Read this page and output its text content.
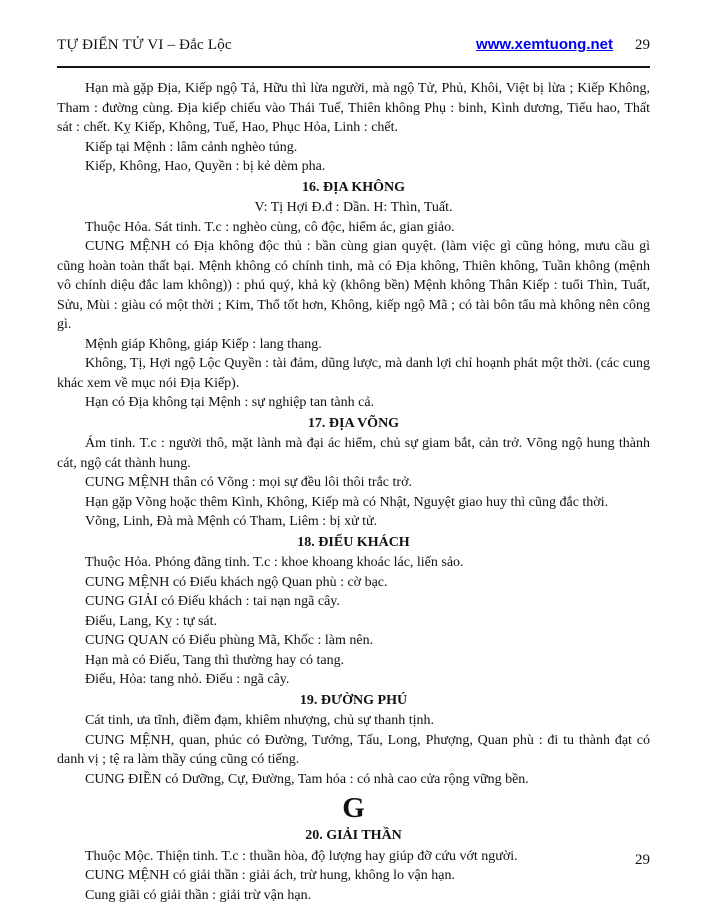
TỰ ĐIỂN TỬ VI – Đắc Lộc	www.xemtuong.net 29
Hạn mà gặp Địa, Kiếp ngộ Tả, Hữu thì lừa người, mà ngộ Tử, Phủ, Khôi, Việt bị lừa ; Kiếp Không, Tham : đường cùng. Địa kiếp chiếu vào Thái Tuế, Thiên không Phụ : binh, Kình dương, Tiểu hao, Thất sát : chết. Kỵ Kiếp, Không, Tuế, Hao, Phục Hỏa, Linh : chết.
Kiếp tại Mệnh : lâm cảnh nghèo túng.
Kiếp, Không, Hao, Quyền : bị kẻ dèm pha.
16. ĐỊA KHÔNG
V: Tị Hợi Đ.đ : Dần. H: Thìn, Tuất.
Thuộc Hỏa. Sát tinh. T.c : nghèo cùng, cô độc, hiểm ác, gian giảo.
CUNG MỆNH có Địa không độc thủ : bần cùng gian quyệt. (làm việc gì cũng hỏng, mưu cầu gì cũng hoàn toàn thất bại. Mệnh không có chính tinh, mà có Địa không, Thiên không, Tuần không (mệnh vô chính diệu đắc lam không)) : phú quý, khả kỳ (không bền) Mệnh không Thân Kiếp : tuổi Thìn, Tuất, Sửu, Mùi : giàu có một thời ; Kim, Thổ tốt hơn, Không, kiếp ngộ Mã ; có tài bôn tẩu mà không nên công gì.
Mệnh giáp Không, giáp Kiếp : lang thang.
Không, Tị, Hợi ngộ Lộc Quyền : tài đảm, dũng lược, mà danh lợi chỉ hoạnh phát một thời. (các cung khác xem về mục nói Địa Kiếp).
Hạn có Địa không tại Mệnh : sự nghiệp tan tành cả.
17. ĐỊA VÕNG
Ám tinh. T.c : người thô, mặt lành mà đại ác hiểm, chủ sự giam bắt, cản trở. Võng ngộ hung thành cát, ngộ cát thành hung.
CUNG MỆNH thân có Võng : mọi sự đều lôi thôi trắc trở.
Hạn gặp Võng hoặc thêm Kình, Không, Kiếp mà có Nhật, Nguyệt giao huy thì cũng đắc thời.
Võng, Linh, Đà mà Mệnh có Tham, Liêm : bị xử tử.
18. ĐIẾU KHÁCH
Thuộc Hỏa. Phóng đãng tinh. T.c : khoe khoang khoác lác, liến sảo.
CUNG MỆNH có Điếu khách ngộ Quan phù : cờ bạc.
CUNG GIẢI có Điếu khách : tai nạn ngã cây.
Điếu, Lang, Kỵ : tự sát.
CUNG QUAN có Điếu phùng Mã, Khốc : làm nên.
Hạn mà có Điếu, Tang thì thường hay có tang.
Điếu, Hỏa: tang nhỏ. Điếu : ngã cây.
19. ĐƯỜNG PHÚ
Cát tinh, ưa tĩnh, điềm đạm, khiêm nhượng, chủ sự thanh tịnh.
CUNG MỆNH, quan, phúc có Đường, Tướng, Tấu, Long, Phượng, Quan phù : đi tu thành đạt có danh vị ; tệ ra làm thầy cúng cũng có tiếng.
CUNG ĐIỀN có Dưỡng, Cự, Đường, Tam hóa : có nhà cao cửa rộng vững bền.
G
20. GIẢI THẦN
Thuộc Mộc. Thiện tinh. T.c : thuần hòa, độ lượng hay giúp đỡ cứu vớt người.
CUNG MỆNH có giải thần : giải ách, trừ hung, không lo vận hạn.
Cung giãi có giải thần : giải trừ vận hạn.
29
